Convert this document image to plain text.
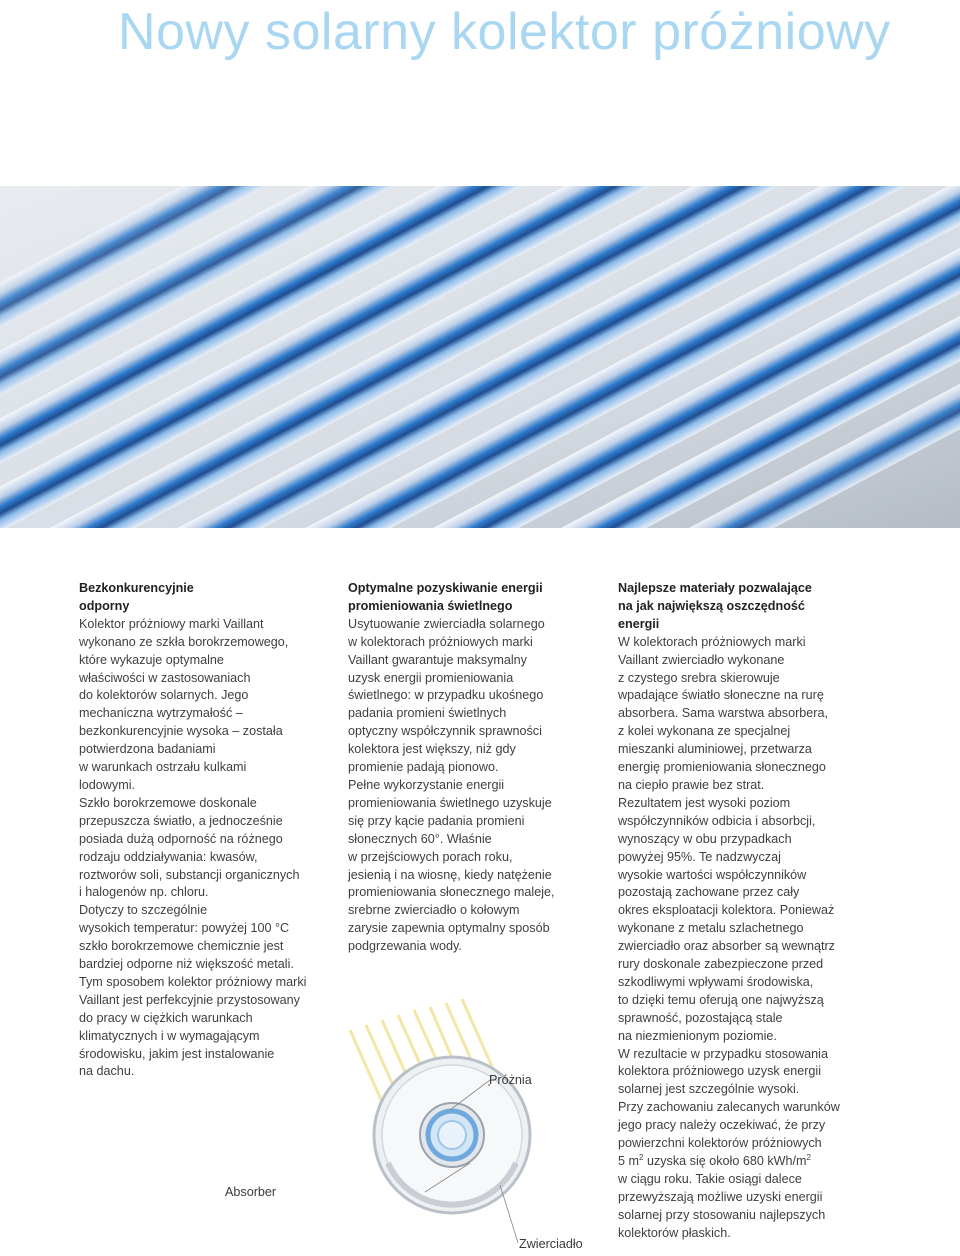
Nowy solarny kolektor próżniowy
Bezkonkurencyjnie
odporny

Kolektor próżniowy marki Vaillant
wykonano ze szkła borokrzemowego,
które wykazuje optymalne
właściwości w zastosowaniach
do kolektorów solarnych. Jego
mechaniczna wytrzymałość –
bezkonkurencyjnie wysoka – została
potwierdzona badaniami
w warunkach ostrzału kulkami
lodowymi.
Szkło borokrzemowe doskonale
przepuszcza światło, a jednocześnie
posiada dużą odporność na różnego
rodzaju oddziaływania: kwasów,
roztworów soli, substancji organicznych
i halogenów np. chloru.
Dotyczy to szczególnie
wysokich temperatur: powyżej 100 °C
szkło borokrzemowe chemicznie jest
bardziej odporne niż większość metali.
Tym sposobem kolektor próżniowy marki
Vaillant jest perfekcyjnie przystosowany
do pracy w ciężkich warunkach
klimatycznych i w wymagającym
środowisku, jakim jest instalowanie
na dachu.

Optymalne pozyskiwanie energii
promieniowania świetlnego

Usytuowanie zwierciadła solarnego
w kolektorach próżniowych marki
Vaillant gwarantuje maksymalny
uzysk energii promieniowania
świetlnego: w przypadku ukośnego
padania promieni świetlnych
optyczny współczynnik sprawności
kolektora jest większy, niż gdy
promienie padają pionowo.
Pełne wykorzystanie energii
promieniowania świetlnego uzyskuje
się przy kącie padania promieni
słonecznych 60°. Właśnie
w przejściowych porach roku,
jesienią i na wiosnę, kiedy natężenie
promieniowania słonecznego maleje,
srebrne zwierciadło o kołowym
zarysie zapewnia optymalny sposób
podgrzewania wody.

Najlepsze materiały pozwalające
na jak największą oszczędność
energii

W kolektorach próżniowych marki
Vaillant zwierciadło wykonane
z czystego srebra skierowuje
wpadające światło słoneczne na rurę
absorbera. Sama warstwa absorbera,
z kolei wykonana ze specjalnej
mieszanki aluminiowej, przetwarza
energię promieniowania słonecznego
na ciepło prawie bez strat.
Rezultatem jest wysoki poziom
współczynników odbicia i absorbcji,
wynoszący w obu przypadkach
powyżej 95%. Te nadzwyczaj
wysokie wartości współczynników
pozostają zachowane przez cały
okres eksploatacji kolektora. Ponieważ
wykonane z metalu szlachetnego
zwierciadło oraz absorber są wewnątrz
rury doskonale zabezpieczone przed
szkodliwymi wpływami środowiska,
to dzięki temu oferują one najwyższą
sprawność, pozostającą stale
na niezmienionym poziomie.
W rezultacie w przypadku stosowania
kolektora próżniowego uzysk energii
solarnej jest szczególnie wysoki.
Przy zachowaniu zalecanych warunków
jego pracy należy oczekiwać, że przy
powierzchni kolektorów próżniowych

5 $m^2$ uzyska się około 680 kWh/$m^2$

w ciągu roku. Takie osiągi dalece
przewyższają możliwe uzyski energii
solarnej przy stosowaniu najlepszych
kolektorów płaskich.

Próżnia
Absorber
Zwierciadło
